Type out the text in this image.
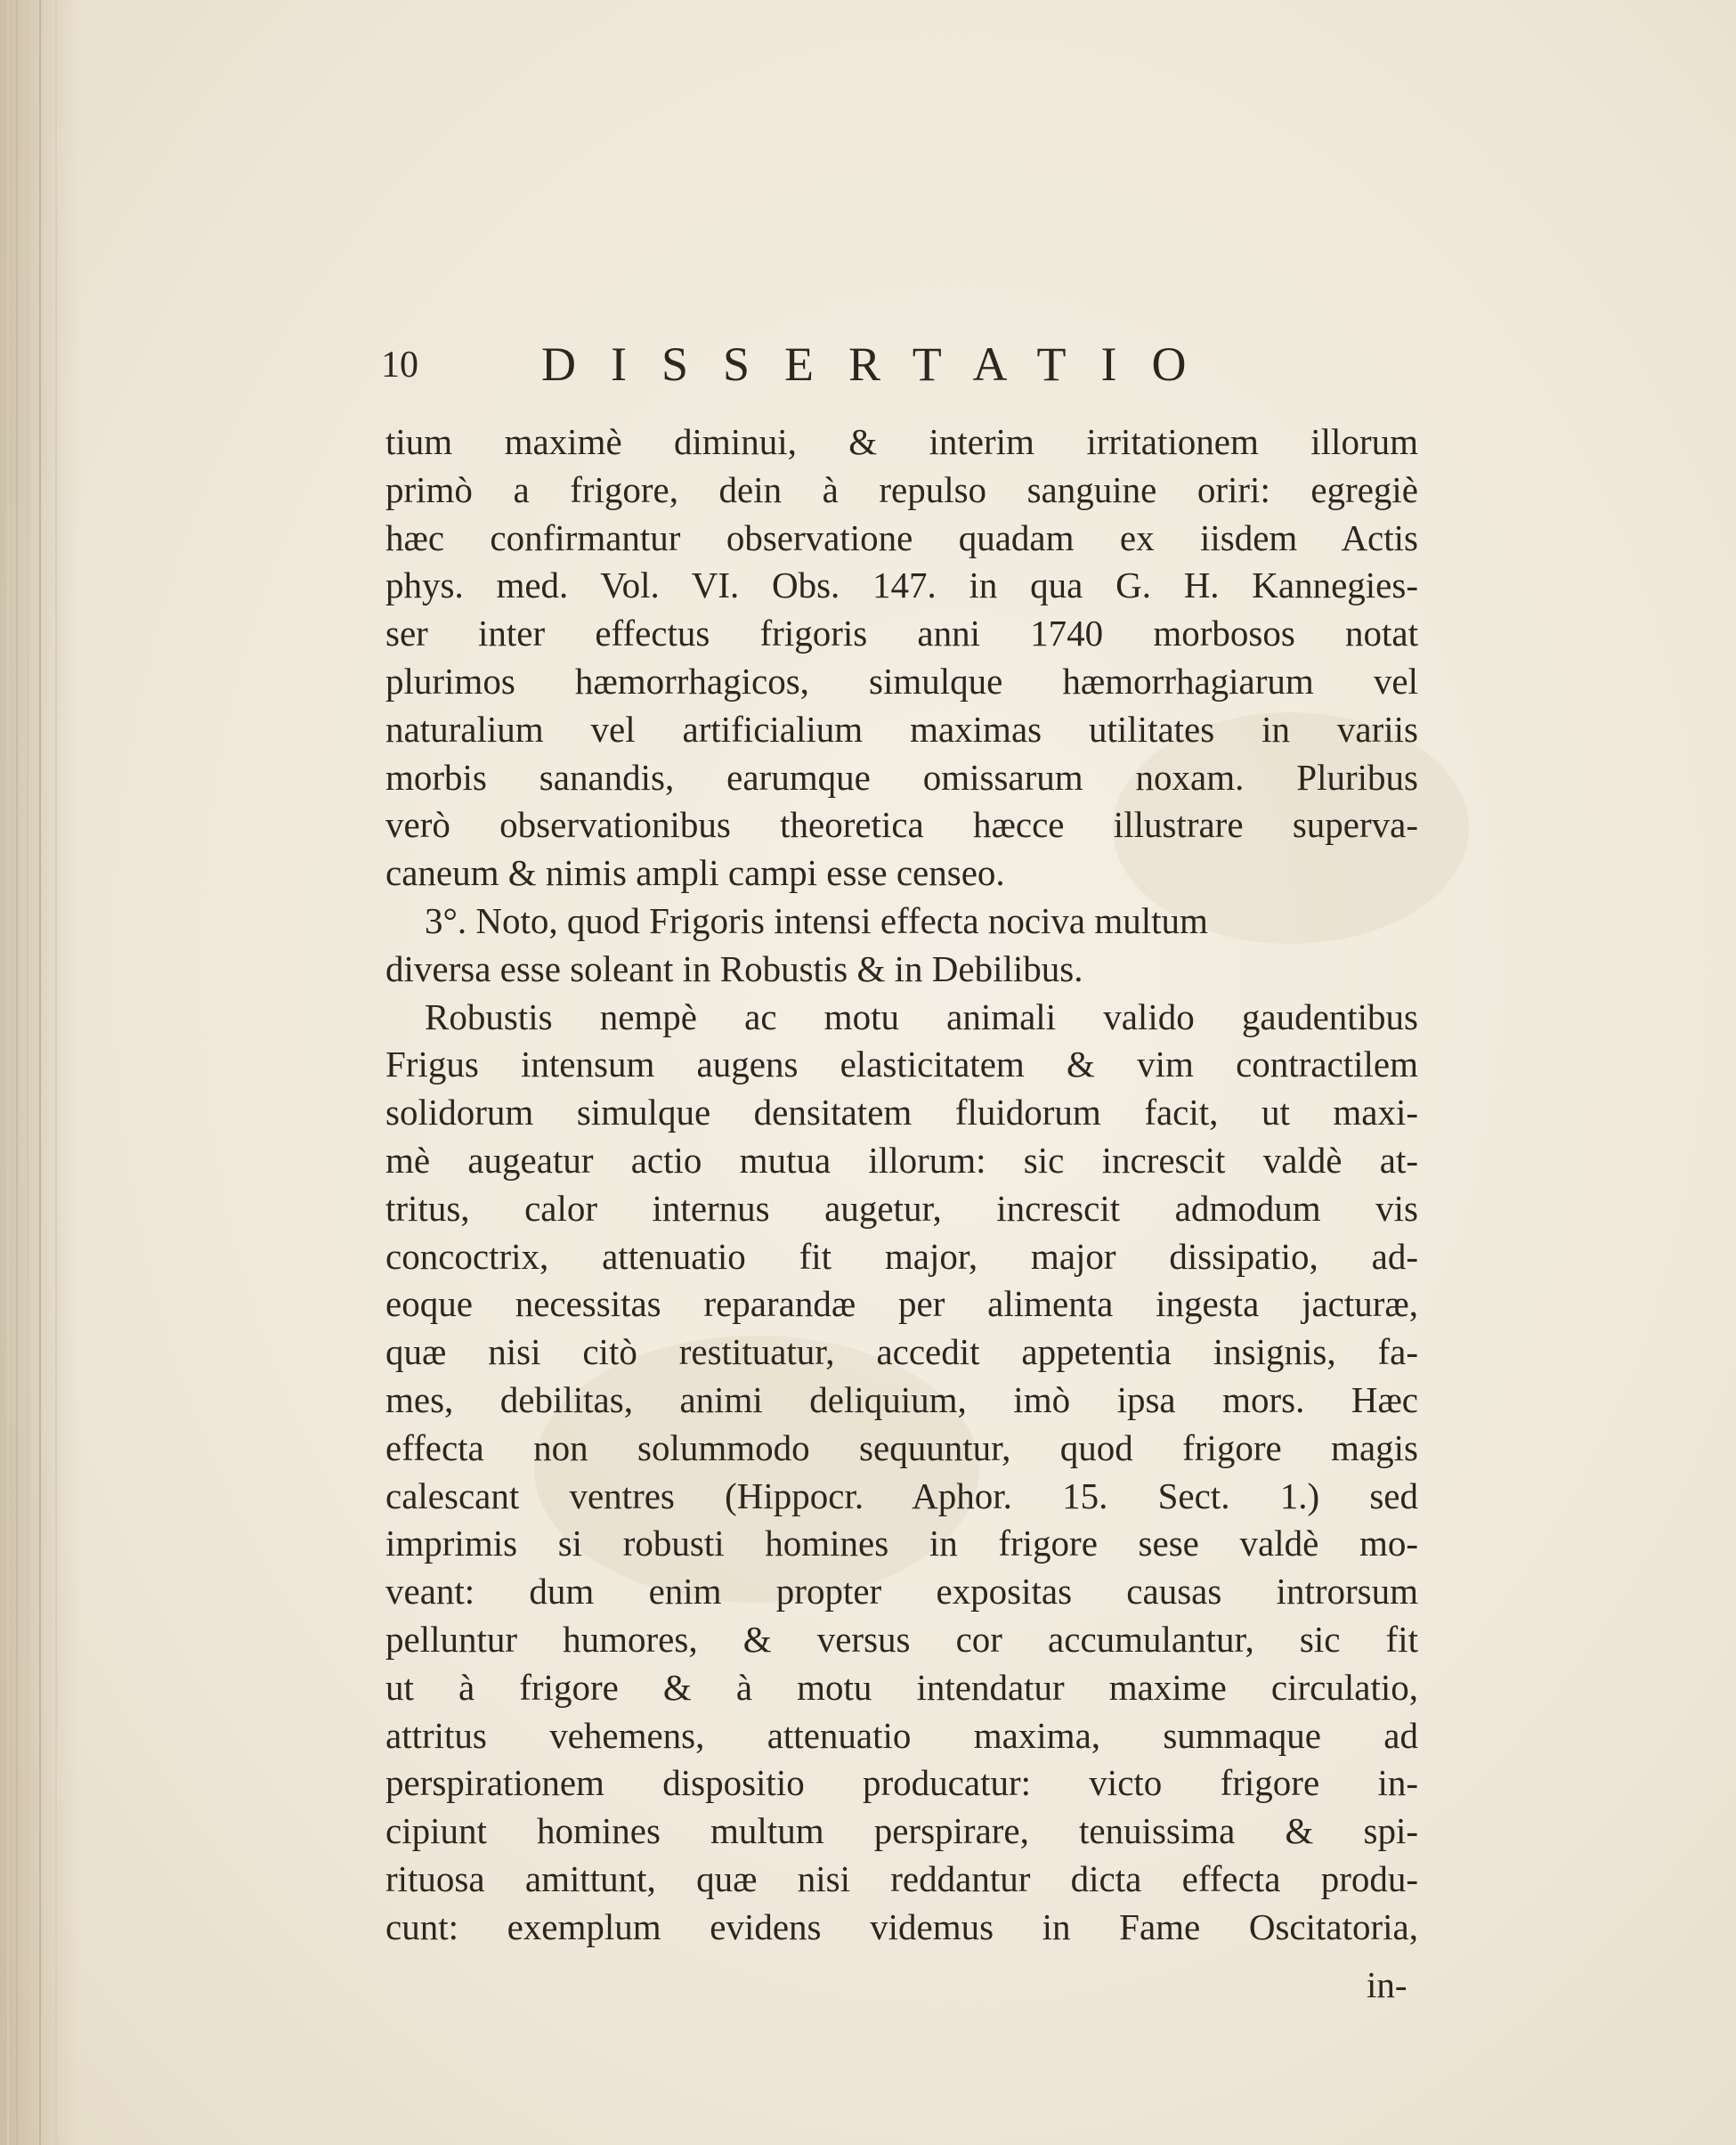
10	DISSERTATIO
tium maximè diminui, & interim irritationem illorum
primò a frigore, dein à repulso sanguine oriri: egregiè
hæc confirmantur observatione quadam ex iisdem Actis
phys. med. Vol. VI. Obs. 147. in qua G. H. Kannegies-
ser inter effectus frigoris anni 1740 morbosos notat
plurimos hæmorrhagicos, simulque hæmorrhagiarum vel
naturalium vel artificialium maximas utilitates in variis
morbis sanandis, earumque omissarum noxam. Pluribus
verò observationibus theoretica hæcce illustrare superva-
caneum & nimis ampli campi esse censeo.
3°. Noto, quod Frigoris intensi effecta nociva multum
diversa esse soleant in Robustis & in Debilibus.
Robustis nempè ac motu animali valido gaudentibus
Frigus intensum augens elasticitatem & vim contractilem
solidorum simulque densitatem fluidorum facit, ut maxi-
mè augeatur actio mutua illorum: sic increscit valdè at-
tritus, calor internus augetur, increscit admodum vis
concoctrix, attenuatio fit major, major dissipatio, ad-
eoque necessitas reparandæ per alimenta ingesta jacturæ,
quæ nisi citò restituatur, accedit appetentia insignis, fa-
mes, debilitas, animi deliquium, imò ipsa mors. Hæc
effecta non solummodo sequuntur, quod frigore magis
calescant ventres (Hippocr. Aphor. 15. Sect. 1.) sed
imprimis si robusti homines in frigore sese valdè mo-
veant: dum enim propter expositas causas introrsum
pelluntur humores, & versus cor accumulantur, sic fit
ut à frigore & à motu intendatur maxime circulatio,
attritus vehemens, attenuatio maxima, summaque ad
perspirationem dispositio producatur: victo frigore in-
cipiunt homines multum perspirare, tenuissima & spi-
rituosa amittunt, quæ nisi reddantur dicta effecta produ-
cunt: exemplum evidens videmus in Fame Oscitatoria,
in-
